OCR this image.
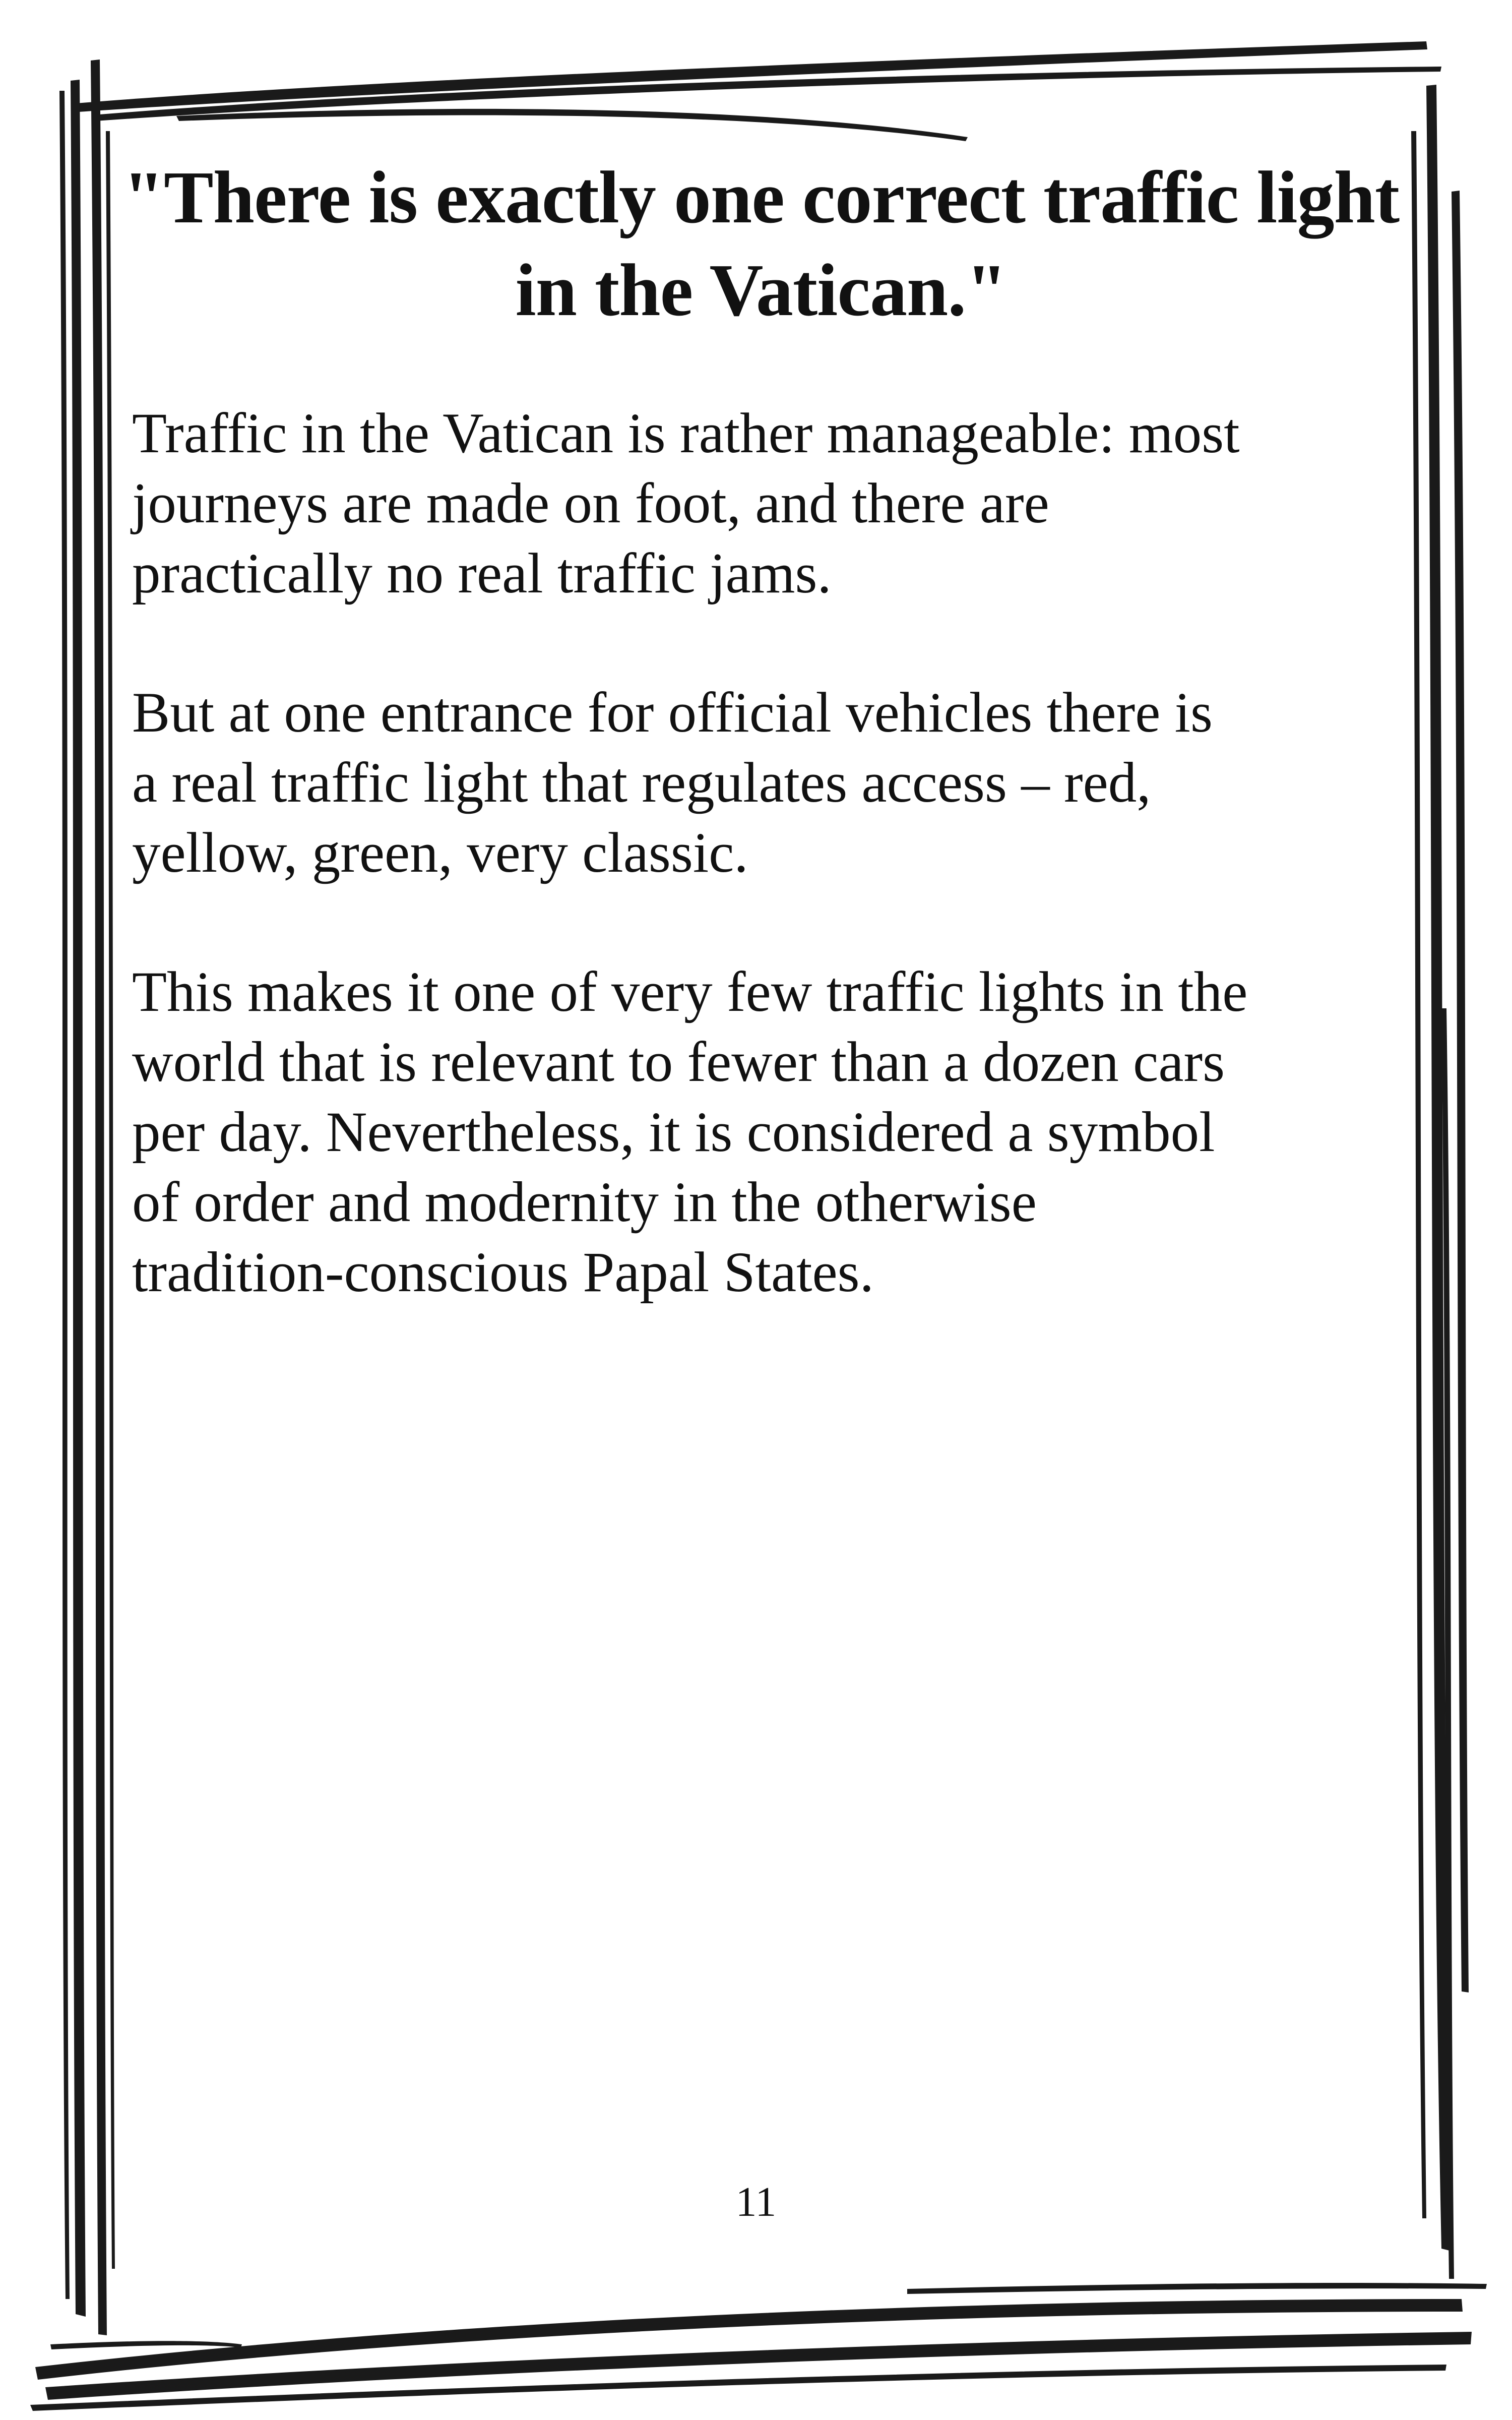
"There is exactly one correct traffic light in the Vatican."

Traffic in the Vatican is rather manageable: most
journeys are made on foot, and there are
practically no real traffic jams.

But at one entrance for official vehicles there is
a real traffic light that regulates access – red,
yellow, green, very classic.

This makes it one of very few traffic lights in the
world that is relevant to fewer than a dozen cars
per day. Nevertheless, it is considered a symbol
of order and modernity in the otherwise
tradition-conscious Papal States.

11
